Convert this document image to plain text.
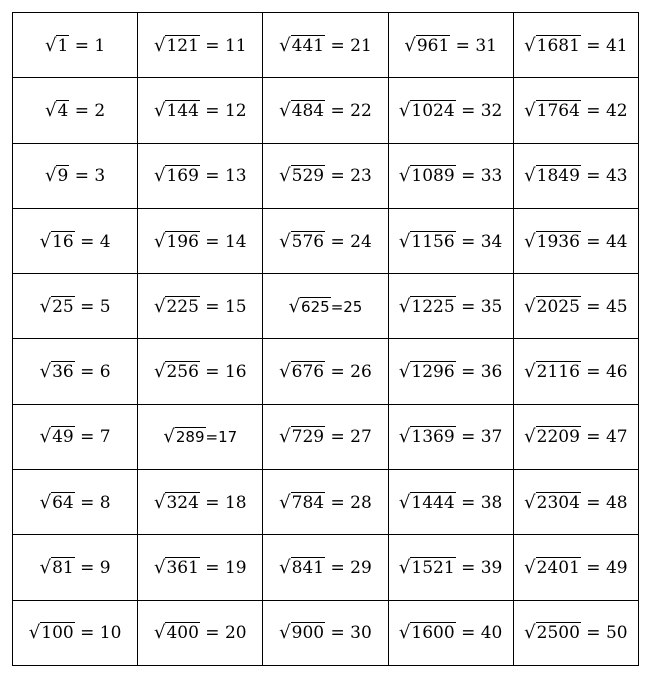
√1 = 1	√121 = 11	√441 = 21	√961 = 31	√1681 = 41
√4 = 2	√144 = 12	√484 = 22	√1024 = 32	√1764 = 42
√9 = 3	√169 = 13	√529 = 23	√1089 = 33	√1849 = 43
√16 = 4	√196 = 14	√576 = 24	√1156 = 34	√1936 = 44
√25 = 5	√225 = 15	√625=25	√1225 = 35	√2025 = 45
√36 = 6	√256 = 16	√676 = 26	√1296 = 36	√2116 = 46
√49 = 7	√289=17	√729 = 27	√1369 = 37	√2209 = 47
√64 = 8	√324 = 18	√784 = 28	√1444 = 38	√2304 = 48
√81 = 9	√361 = 19	√841 = 29	√1521 = 39	√2401 = 49
√100 = 10	√400 = 20	√900 = 30	√1600 = 40	√2500 = 50
